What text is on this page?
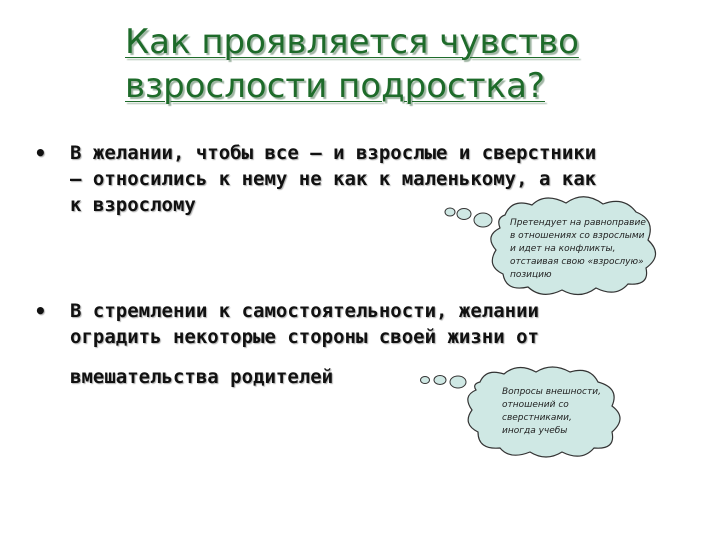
Как проявляется чувство
взрослости подростка?
• В желании, чтобы все – и взрослые и сверстники
– относились к нему не как к маленькому, а как
к взрослому
• В стремлении к самостоятельности, желании
оградить некоторые стороны своей жизни от
вмешательства родителей
Претендует на равноправие
в отношениях со взрослыми
и идет на конфликты,
отстаивая свою «взрослую»
позицию
Вопросы внешности,
отношений со
сверстниками,
иногда учебы
